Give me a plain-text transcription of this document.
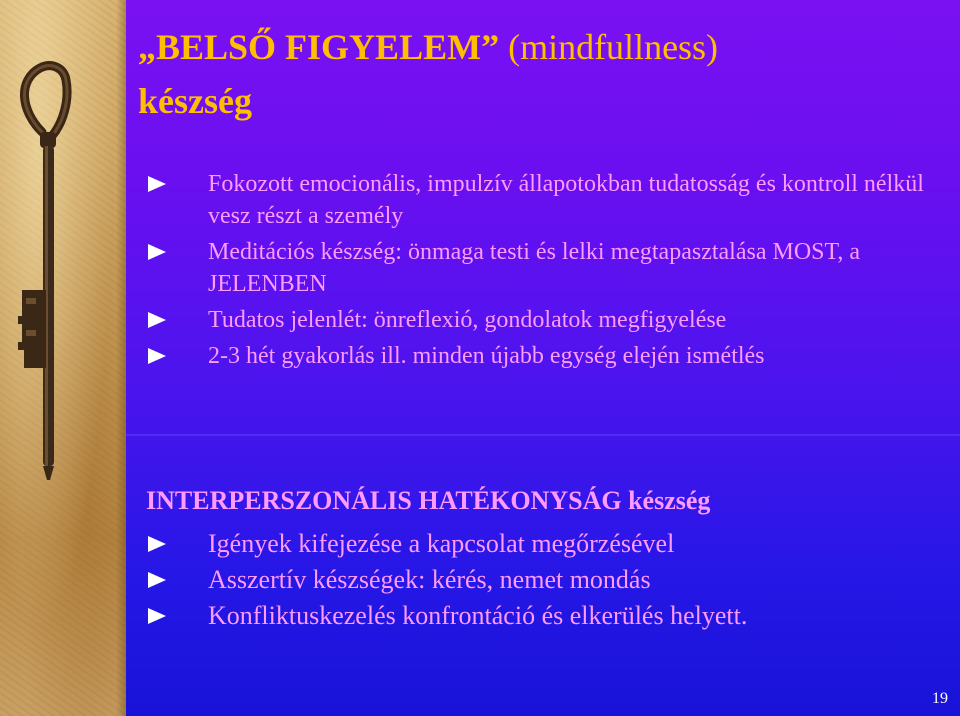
„BELSŐ FIGYELEM” (mindfullness)
készség
Fokozott emocionális, impulzív állapotokban tudatosság és kontroll nélkül vesz részt a személy
Meditációs készség: önmaga testi és lelki megtapasztalása MOST, a JELENBEN
Tudatos jelenlét: önreflexió, gondolatok megfigyelése
2-3 hét gyakorlás ill. minden újabb egység elején ismétlés
INTERPERSZONÁLIS HATÉKONYSÁG készség
Igények kifejezése a kapcsolat megőrzésével
Asszertív készségek: kérés, nemet mondás
Konfliktuskezelés konfrontáció és elkerülés helyett.
19
